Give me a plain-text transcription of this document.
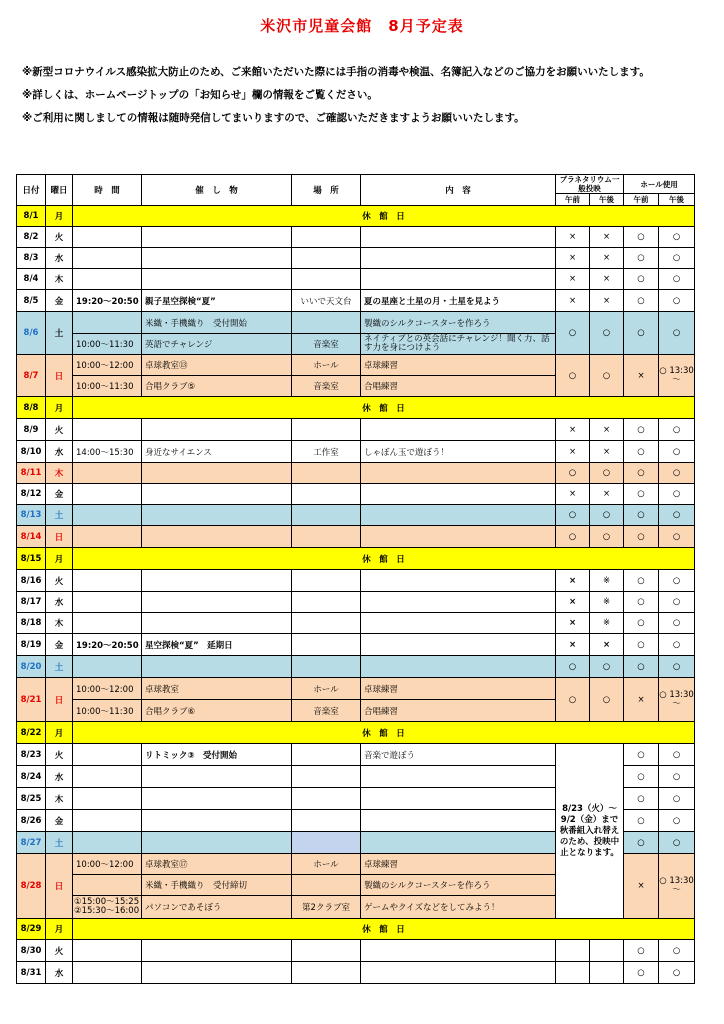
米沢市児童会館　8月予定表

※新型コロナウイルス感染拡大防止のため、ご来館いただいた際には手指の消毒や検温、名簿記入などのご協力をお願いいたします。

※詳しくは、ホームページトップの「お知らせ」欄の情報をご覧ください。

※ご利用に関しましての情報は随時発信してまいりますので、ご確認いただきますようお願いいたします。

日付	曜日	時　間	催　し　物	場　所	内　容	プラネタリウム一般投映		ホール使用	
						午前	午後	午前	午後
8/1	月	休　館　日							
8/2	火					×	×	○	○
8/3	水					×	×	○	○
8/4	木					×	×	○	○
8/5	金	19:20～20:50	親子星空探検“夏”	いいで天文台	夏の星座と土星の月・土星を見よう	×	×	○	○
8/6	土		米織・手機織り　受付開始		製織のシルクコースターを作ろう	○	○	○	○
		10:00～11:30	英語でチャレンジ	音楽室	ネイティブとの英会話にチャレンジ！聞く力、話す力を身につけよう				
8/7	日	10:00～12:00	卓球教室⑬	ホール	卓球練習	○	○	×	○ 13:30 ～
		10:00～11:30	合唱クラブ⑤	音楽室	合唱練習				
8/8	月	休　館　日							
8/9	火					×	×	○	○
8/10	水	14:00～15:30	身近なサイエンス	工作室	しゃぼん玉で遊ぼう！	×	×	○	○
8/11	木					○	○	○	○
8/12	金					×	×	○	○
8/13	土					○	○	○	○
8/14	日					○	○	○	○
8/15	月	休　館　日							
8/16	火					×	※	○	○
8/17	水					×	※	○	○
8/18	木					×	※	○	○
8/19	金	19:20～20:50	星空探検“夏”　延期日			×	×	○	○
8/20	土					○	○	○	○
8/21	日	10:00～12:00	卓球教室	ホール	卓球練習	○	○	×	○ 13:30 ～
		10:00～11:30	合唱クラブ⑥	音楽室	合唱練習				
8/22	月	休　館　日							
8/23	火		リトミック③　受付開始		音楽で遊ぼう	8/23（火）～9/2（金）まで秋番組入れ替えのため、投映中止となります。		○	○
8/24	水							○	○
8/25	木							○	○
8/26	金							○	○
8/27	土							○	○
8/28	日	10:00～12:00	卓球教室⑰	ホール	卓球練習			×	○ 13:30 ～
			米織・手機織り　受付締切		製織のシルクコースターを作ろう				

		①15:00～15:25
②15:30～16:00	パソコンであそぼう	第2クラブ室	ゲームやクイズなどをしてみよう！				
8/29	月	休　館　日							
8/30	火							○	○
8/31	水							○	○
